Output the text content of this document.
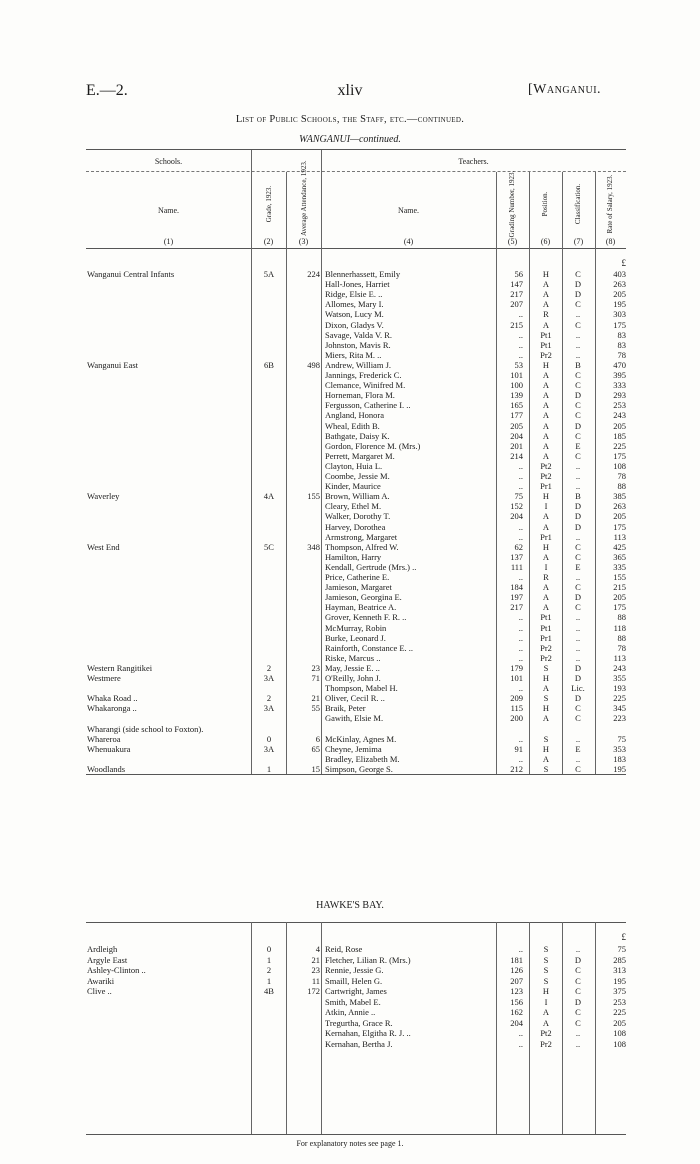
E.—2.	xliv	[Wanganui.
List of Public Schools, the Staff, etc.—continued.
WANGANUI—continued.
Schools.	Teachers.
Name.	Grade, 1923.	Average Attendance, 1923.	Name.	Grading Number, 1923.	Position.	Classification.	Rate of Salary, 1923.
(1)	(2)	(3)	(4)	(5)	(6)	(7)	(8)
£
Wanganui Central Infants	5A	224 Blennerhassett, Emily	56	H	C	403
Hall-Jones, Harriet	147	A	D	263
Ridge, Elsie E. ..	217	A	D	205
Allomes, Mary I.	207	A	C	195
Watson, Lucy M.	..	R	..	303
Dixon, Gladys V.	215	A	C	175
Savage, Valda V. R.	..	Pt1	..	83
Johnston, Mavis R.	..	Pt1	..	83
Miers, Rita M. ..	..	Pr2	..	78
Wanganui East	6B	498 Andrew, William J.	53	H	B	470
Jannings, Frederick C.	101	A	C	395
Clemance, Winifred M.	100	A	C	333
Horneman, Flora M.	139	A	D	293
Fergusson, Catherine I. ..	165	A	C	253
Angland, Honora	177	A	C	243
Wheal, Edith B.	205	A	D	205
Bathgate, Daisy K.	204	A	C	185
Gordon, Florence M. (Mrs.)	201	A	E	225
Perrett, Margaret M.	214	A	C	175
Clayton, Huia L.	..	Pt2	..	108
Coombe, Jessie M.	..	Pt2	..	78
Kinder, Maurice	..	Pr1	..	88
Waverley	4A	155 Brown, William A.	75	H	B	385
Cleary, Ethel M.	152	I	D	263
Walker, Dorothy T.	204	A	D	205
Harvey, Dorothea	..	A	D	175
Armstrong, Margaret	..	Pr1	..	113
West End	5C	348 Thompson, Alfred W.	62	H	C	425
Hamilton, Harry	137	A	C	365
Kendall, Gertrude (Mrs.) ..	111	I	E	335
Price, Catherine E.	..	R	..	155
Jamieson, Margaret	184	A	C	215
Jamieson, Georgina E.	197	A	D	205
Hayman, Beatrice A.	217	A	C	175
Grover, Kenneth F. R. ..	..	Pt1	..	88
McMurray, Robin	..	Pt1	..	118
Burke, Leonard J.	..	Pr1	..	88
Rainforth, Constance E. ..	..	Pr2	..	78
Riske, Marcus ..	..	Pr2	..	113
Western Rangitikei	2	23 May, Jessie E. ..	179	S	D	243
Westmere	3A	71 O'Reilly, John J.	101	H	D	355
Thompson, Mabel H.	..	A	Lic.	193
Whaka Road ..	2	21 Oliver, Cecil R. ..	209	S	D	225
Whakaronga ..	3A	55 Braik, Peter	115	H	C	345
Gawith, Elsie M.	200	A	C	223
Wharangi (side school to Foxton).
Whareroa	0	6 McKinlay, Agnes M.	..	S	..	75
Whenuakura	3A	65 Cheyne, Jemima	91	H	E	353
Bradley, Elizabeth M.	..	A	..	183
Woodlands	1	15 Simpson, George S.	212	S	C	195
HAWKE'S BAY.
£
Ardleigh	0	4 Reid, Rose	..	S	..	75
Argyle East	1	21 Fletcher, Lilian R. (Mrs.)	181	S	D	285
Ashley-Clinton ..	2	23 Rennie, Jessie G.	126	S	C	313
Awariki	1	11 Smaill, Helen G.	207	S	C	195
Clive ..	4B	172 Cartwright, James	123	H	C	375
Smith, Mabel E.	156	I	D	253
Atkin, Annie ..	162	A	C	225
Tregurtha, Grace R.	204	A	C	205
Kernahan, Elgitha R. J. ..	..	Pt2	..	108
Kernahan, Bertha J.	..	Pr2	..	108
For explanatory notes see page 1.
